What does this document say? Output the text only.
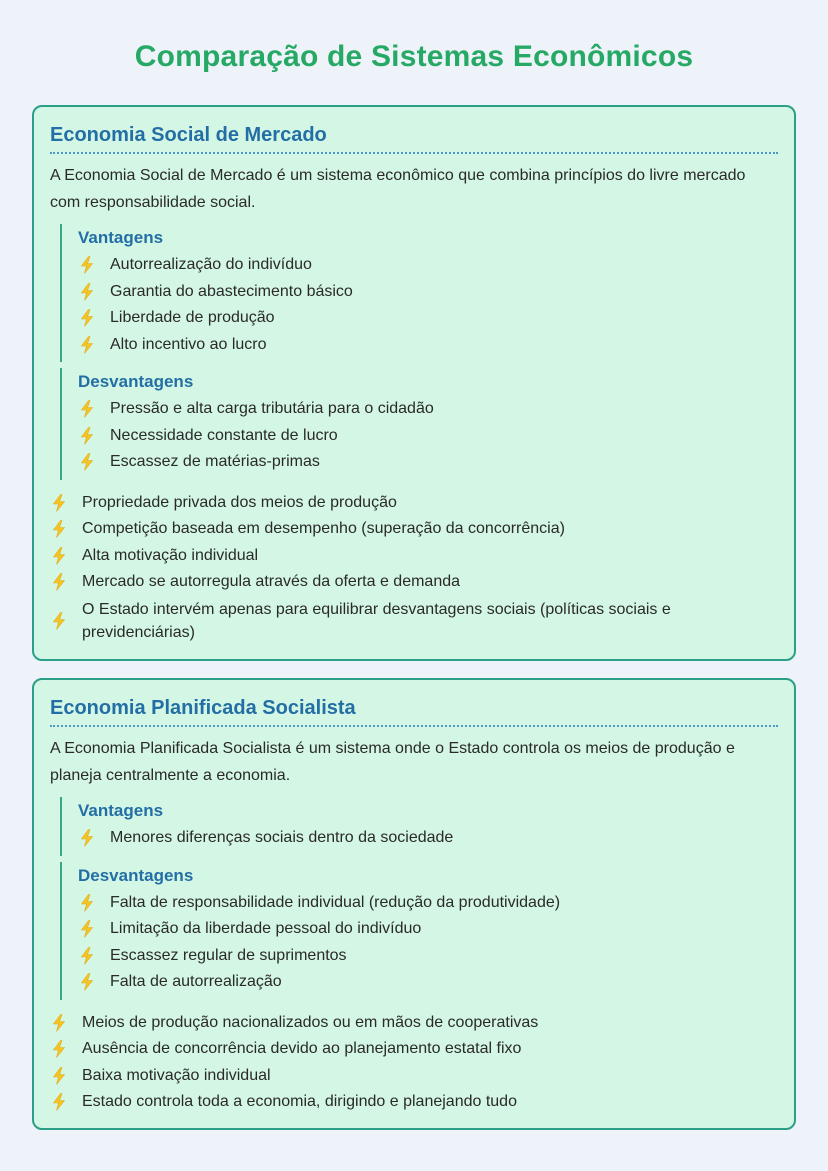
Comparação de Sistemas Econômicos
Economia Social de Mercado

A Economia Social de Mercado é um sistema econômico que combina princípios do livre mercado com responsabilidade social.

Vantagens
Autorrealização do indivíduo
Garantia do abastecimento básico
Liberdade de produção
Alto incentivo ao lucro
Desvantagens
Pressão e alta carga tributária para o cidadão
Necessidade constante de lucro
Escassez de matérias-primas
Propriedade privada dos meios de produção
Competição baseada em desempenho (superação da concorrência)
Alta motivação individual
Mercado se autorregula através da oferta e demanda
O Estado intervém apenas para equilibrar desvantagens sociais (políticas sociais e previdenciárias)
Economia Planificada Socialista

A Economia Planificada Socialista é um sistema onde o Estado controla os meios de produção e planeja centralmente a economia.

Vantagens
Menores diferenças sociais dentro da sociedade
Desvantagens
Falta de responsabilidade individual (redução da produtividade)
Limitação da liberdade pessoal do indivíduo
Escassez regular de suprimentos
Falta de autorrealização
Meios de produção nacionalizados ou em mãos de cooperativas
Ausência de concorrência devido ao planejamento estatal fixo
Baixa motivação individual
Estado controla toda a economia, dirigindo e planejando tudo
